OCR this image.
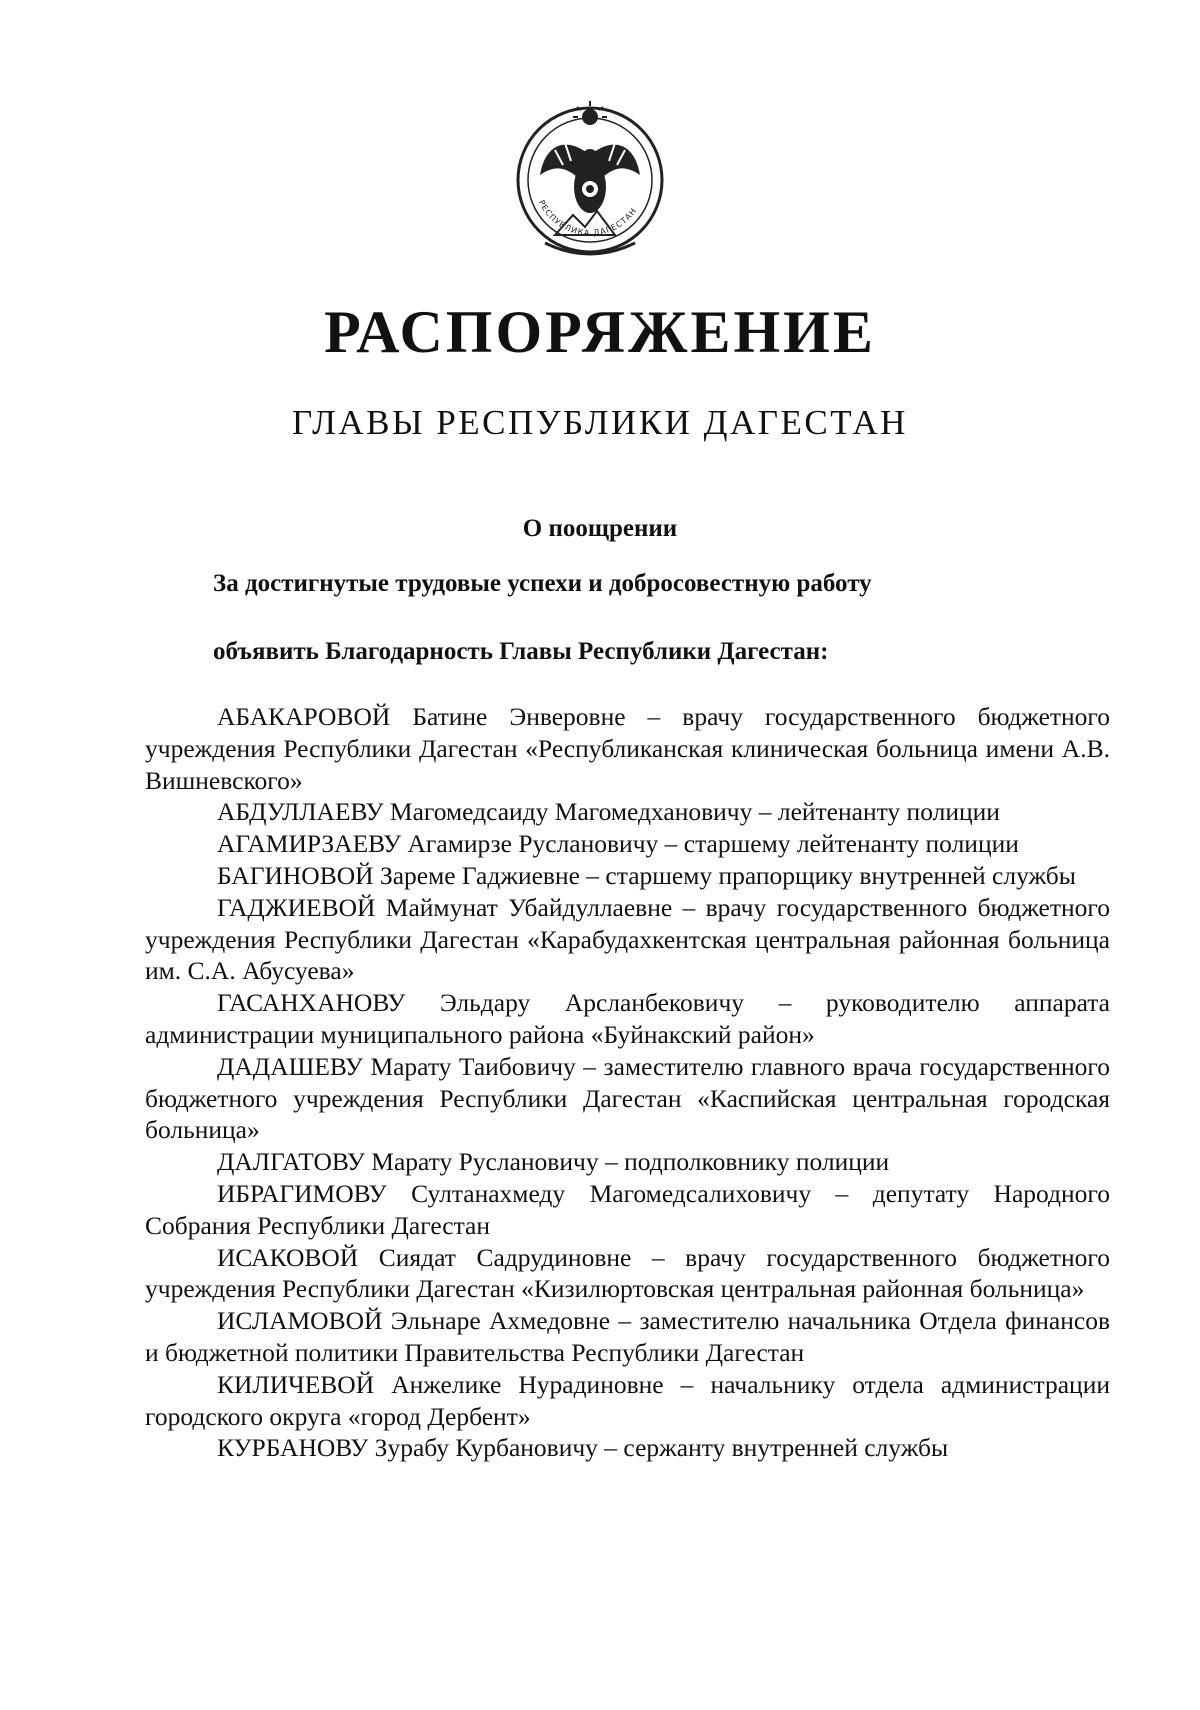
РЕСПУБЛИКА ДАГЕСТАН
РАСПОРЯЖЕНИЕ
ГЛАВЫ РЕСПУБЛИКИ ДАГЕСТАН

О поощрении

За достигнутые трудовые успехи и добросовестную работу

объявить Благодарность Главы Республики Дагестан:

АБАКАРОВОЙ Батине Энверовне – врачу государственного бюджетного учреждения Республики Дагестан «Республиканская клиническая больница имени А.В. Вишневского»
АБДУЛЛАЕВУ Магомедсаиду Магомедхановичу – лейтенанту полиции
АГАМИРЗАЕВУ Агамирзе Руслановичу – старшему лейтенанту полиции
БАГИНОВОЙ Зареме Гаджиевне – старшему прапорщику внутренней службы
ГАДЖИЕВОЙ Маймунат Убайдуллаевне – врачу государственного бюджетного учреждения Республики Дагестан «Карабудахкентская центральная районная больница им. С.А. Абусуева»
ГАСАНХАНОВУ Эльдару Арсланбековичу – руководителю аппарата администрации муниципального района «Буйнакский район»
ДАДАШЕВУ Марату Таибовичу – заместителю главного врача государственного бюджетного учреждения Республики Дагестан «Каспийская центральная городская больница»
ДАЛГАТОВУ Марату Руслановичу – подполковнику полиции
ИБРАГИМОВУ Султанахмеду Магомедсалиховичу – депутату Народного Собрания Республики Дагестан
ИСАКОВОЙ Сиядат Садрудиновне – врачу государственного бюджетного учреждения Республики Дагестан «Кизилюртовская центральная районная больница»
ИСЛАМОВОЙ Эльнаре Ахмедовне – заместителю начальника Отдела финансов и бюджетной политики Правительства Республики Дагестан
КИЛИЧЕВОЙ Анжелике Нурадиновне – начальнику отдела администрации городского округа «город Дербент»
КУРБАНОВУ Зурабу Курбановичу – сержанту внутренней службы
